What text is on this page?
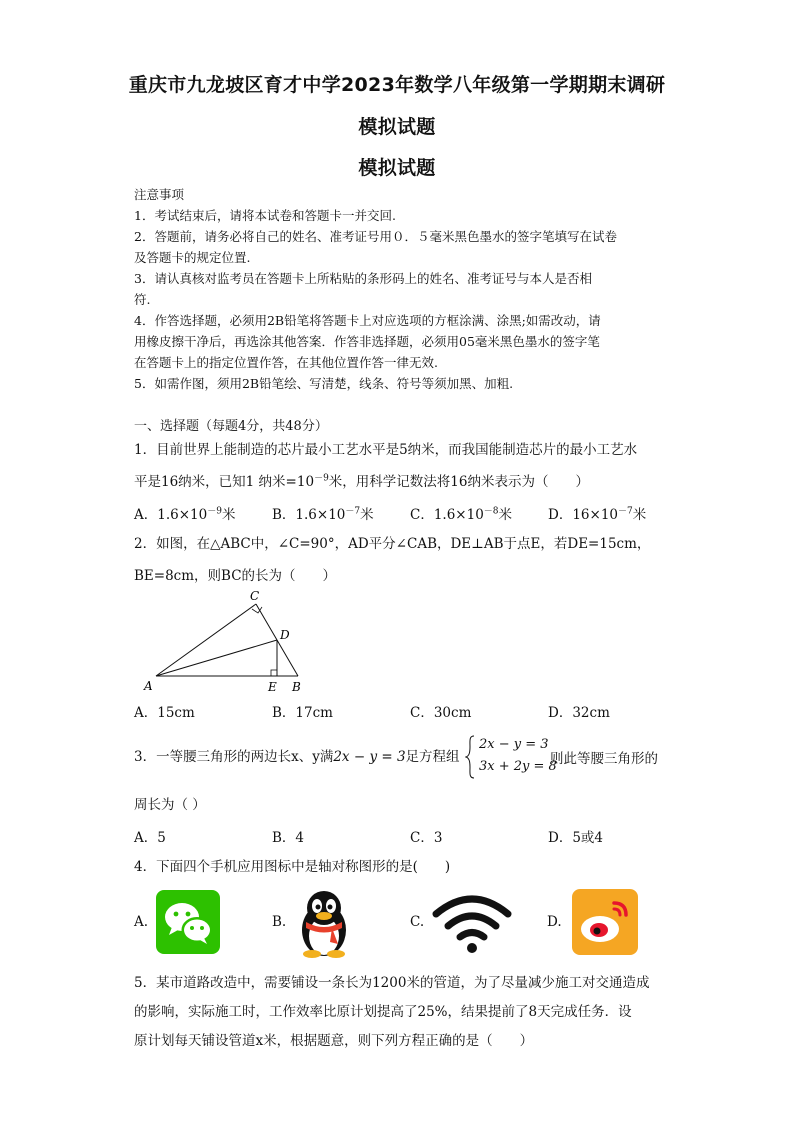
重庆市九龙坡区育才中学2023年数学八年级第一学期期末调研
模拟试题
模拟试题

注意事项

1．考试结束后，请将本试卷和答题卡一并交回.

2．答题前，请务必将自己的姓名、准考证号用０．５毫米黑色墨水的签字笔填写在试卷

及答题卡的规定位置.

3．请认真核对监考员在答题卡上所粘贴的条形码上的姓名、准考证号与本人是否相

符.

4．作答选择题，必须用2B铅笔将答题卡上对应选项的方框涂满、涂黑;如需改动，请

用橡皮擦干净后，再选涂其他答案．作答非选择题，必须用05毫米黑色墨水的签字笔

在答题卡上的指定位置作答，在其他位置作答一律无效.

5．如需作图，须用2B铅笔绘、写清楚，线条、符号等须加黑、加粗.

一、选择题（每题4分，共48分）

1．目前世界上能制造的芯片最小工艺水平是5纳米，而我国能制造芯片的最小工艺水

平是16纳米，已知1 纳米$=10^{-9}$米，用科学记数法将16纳米表示为（　　）

A．$1.6\times 10^{-9}$米	B．$1.6\times 10^{-7}$米	C．$1.6\times 10^{-8}$米	D．$16\times 10^{-7}$米

2．如图，在△ABC中，∠C=90°，AD平分∠CAB，DE⊥AB于点E，若DE=15cm，

BE=8cm，则BC的长为（　　）

A	B
C
D
E
A．15cm	B．17cm	C．30cm	D．32cm

3．一等腰三角形的两边长x、y满2x − y = 3足方程组

2x − y = 3
3x + 2y = 8
则此等腰三角形的
周长为（ ）
A．5	B．4	C．3	D．5或4
4．下面四个手机应用图标中是轴对称图形的是(　　)
A.	B.	C.	D.

5．某市道路改造中，需要铺设一条长为1200米的管道，为了尽量减少施工对交通造成

的影响，实际施工时，工作效率比原计划提高了25%，结果提前了8天完成任务．设

原计划每天铺设管道x米，根据题意，则下列方程正确的是（　　）
